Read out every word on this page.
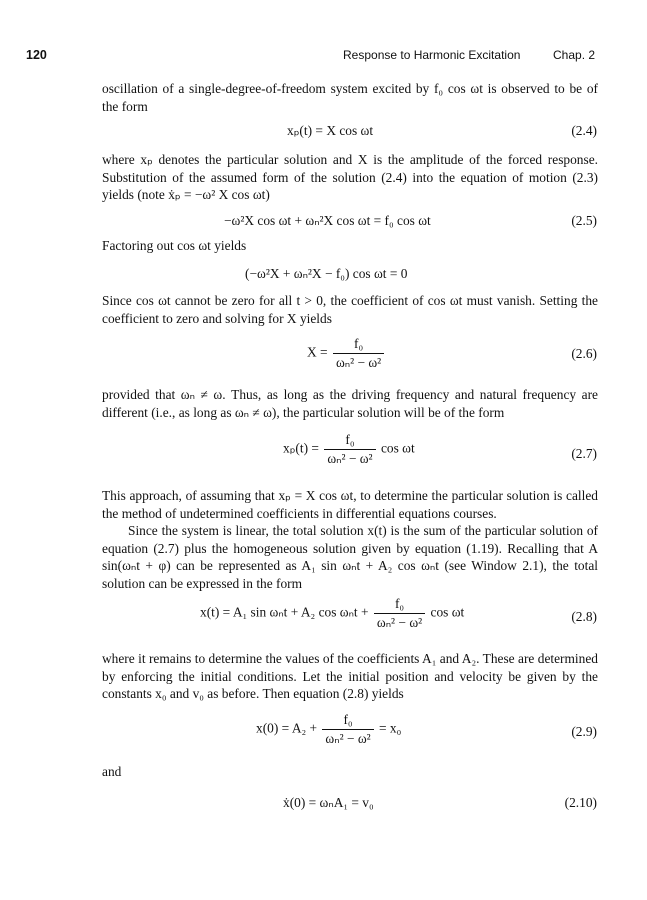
120	Response to Harmonic Excitation	Chap. 2
oscillation of a single-degree-of-freedom system excited by f₀ cos ωt is observed to be of the form
xₚ(t) = X cos ωt	(2.4)
where xₚ denotes the particular solution and X is the amplitude of the forced response. Substitution of the assumed form of the solution (2.4) into the equation of motion (2.3) yields (note ẋₚ = −ω² X cos ωt)
−ω²X cos ωt + ωₙ²X cos ωt = f₀ cos ωt	(2.5)
Factoring out cos ωt yields
(−ω²X + ωₙ²X − f₀) cos ωt = 0
Since cos ωt cannot be zero for all t > 0, the coefficient of cos ωt must vanish. Setting the coefficient to zero and solving for X yields
$X = \frac{\text{f₀}}{\text{ωₙ² − ω²}}$	(2.6)
provided that ωₙ ≠ ω. Thus, as long as the driving frequency and natural frequency are different (i.e., as long as ωₙ ≠ ω), the particular solution will be of the form
$x_p(t) = \frac{\text{f₀}}{\text{ωₙ² − ω²}}$ cos ωt	(2.7)
This approach, of assuming that xₚ = X cos ωt, to determine the particular solution is called the method of undetermined coefficients in differential equations courses.
Since the system is linear, the total solution x(t) is the sum of the particular solution of equation (2.7) plus the homogeneous solution given by equation (1.19). Recalling that A sin(ωₙt + φ) can be represented as A₁ sin ωₙt + A₂ cos ωₙt (see Window 2.1), the total solution can be expressed in the form
x(t) = A₁ sin ωₙt + A₂ $\cos \omega_nt + \frac{\text{f₀}}{\text{ωₙ² − ω²}}$ cos ωt	(2.8)
where it remains to determine the values of the coefficients A₁ and A₂. These are determined by enforcing the initial conditions. Let the initial position and velocity be given by the constants x₀ and v₀ as before. Then equation (2.8) yields
$x(0) = A_2 + \frac{\text{f₀}}{\text{ωₙ² − ω²}} = x_0$	(2.9)
and
ẋ(0) = ωₙA₁ = v₀	(2.10)
